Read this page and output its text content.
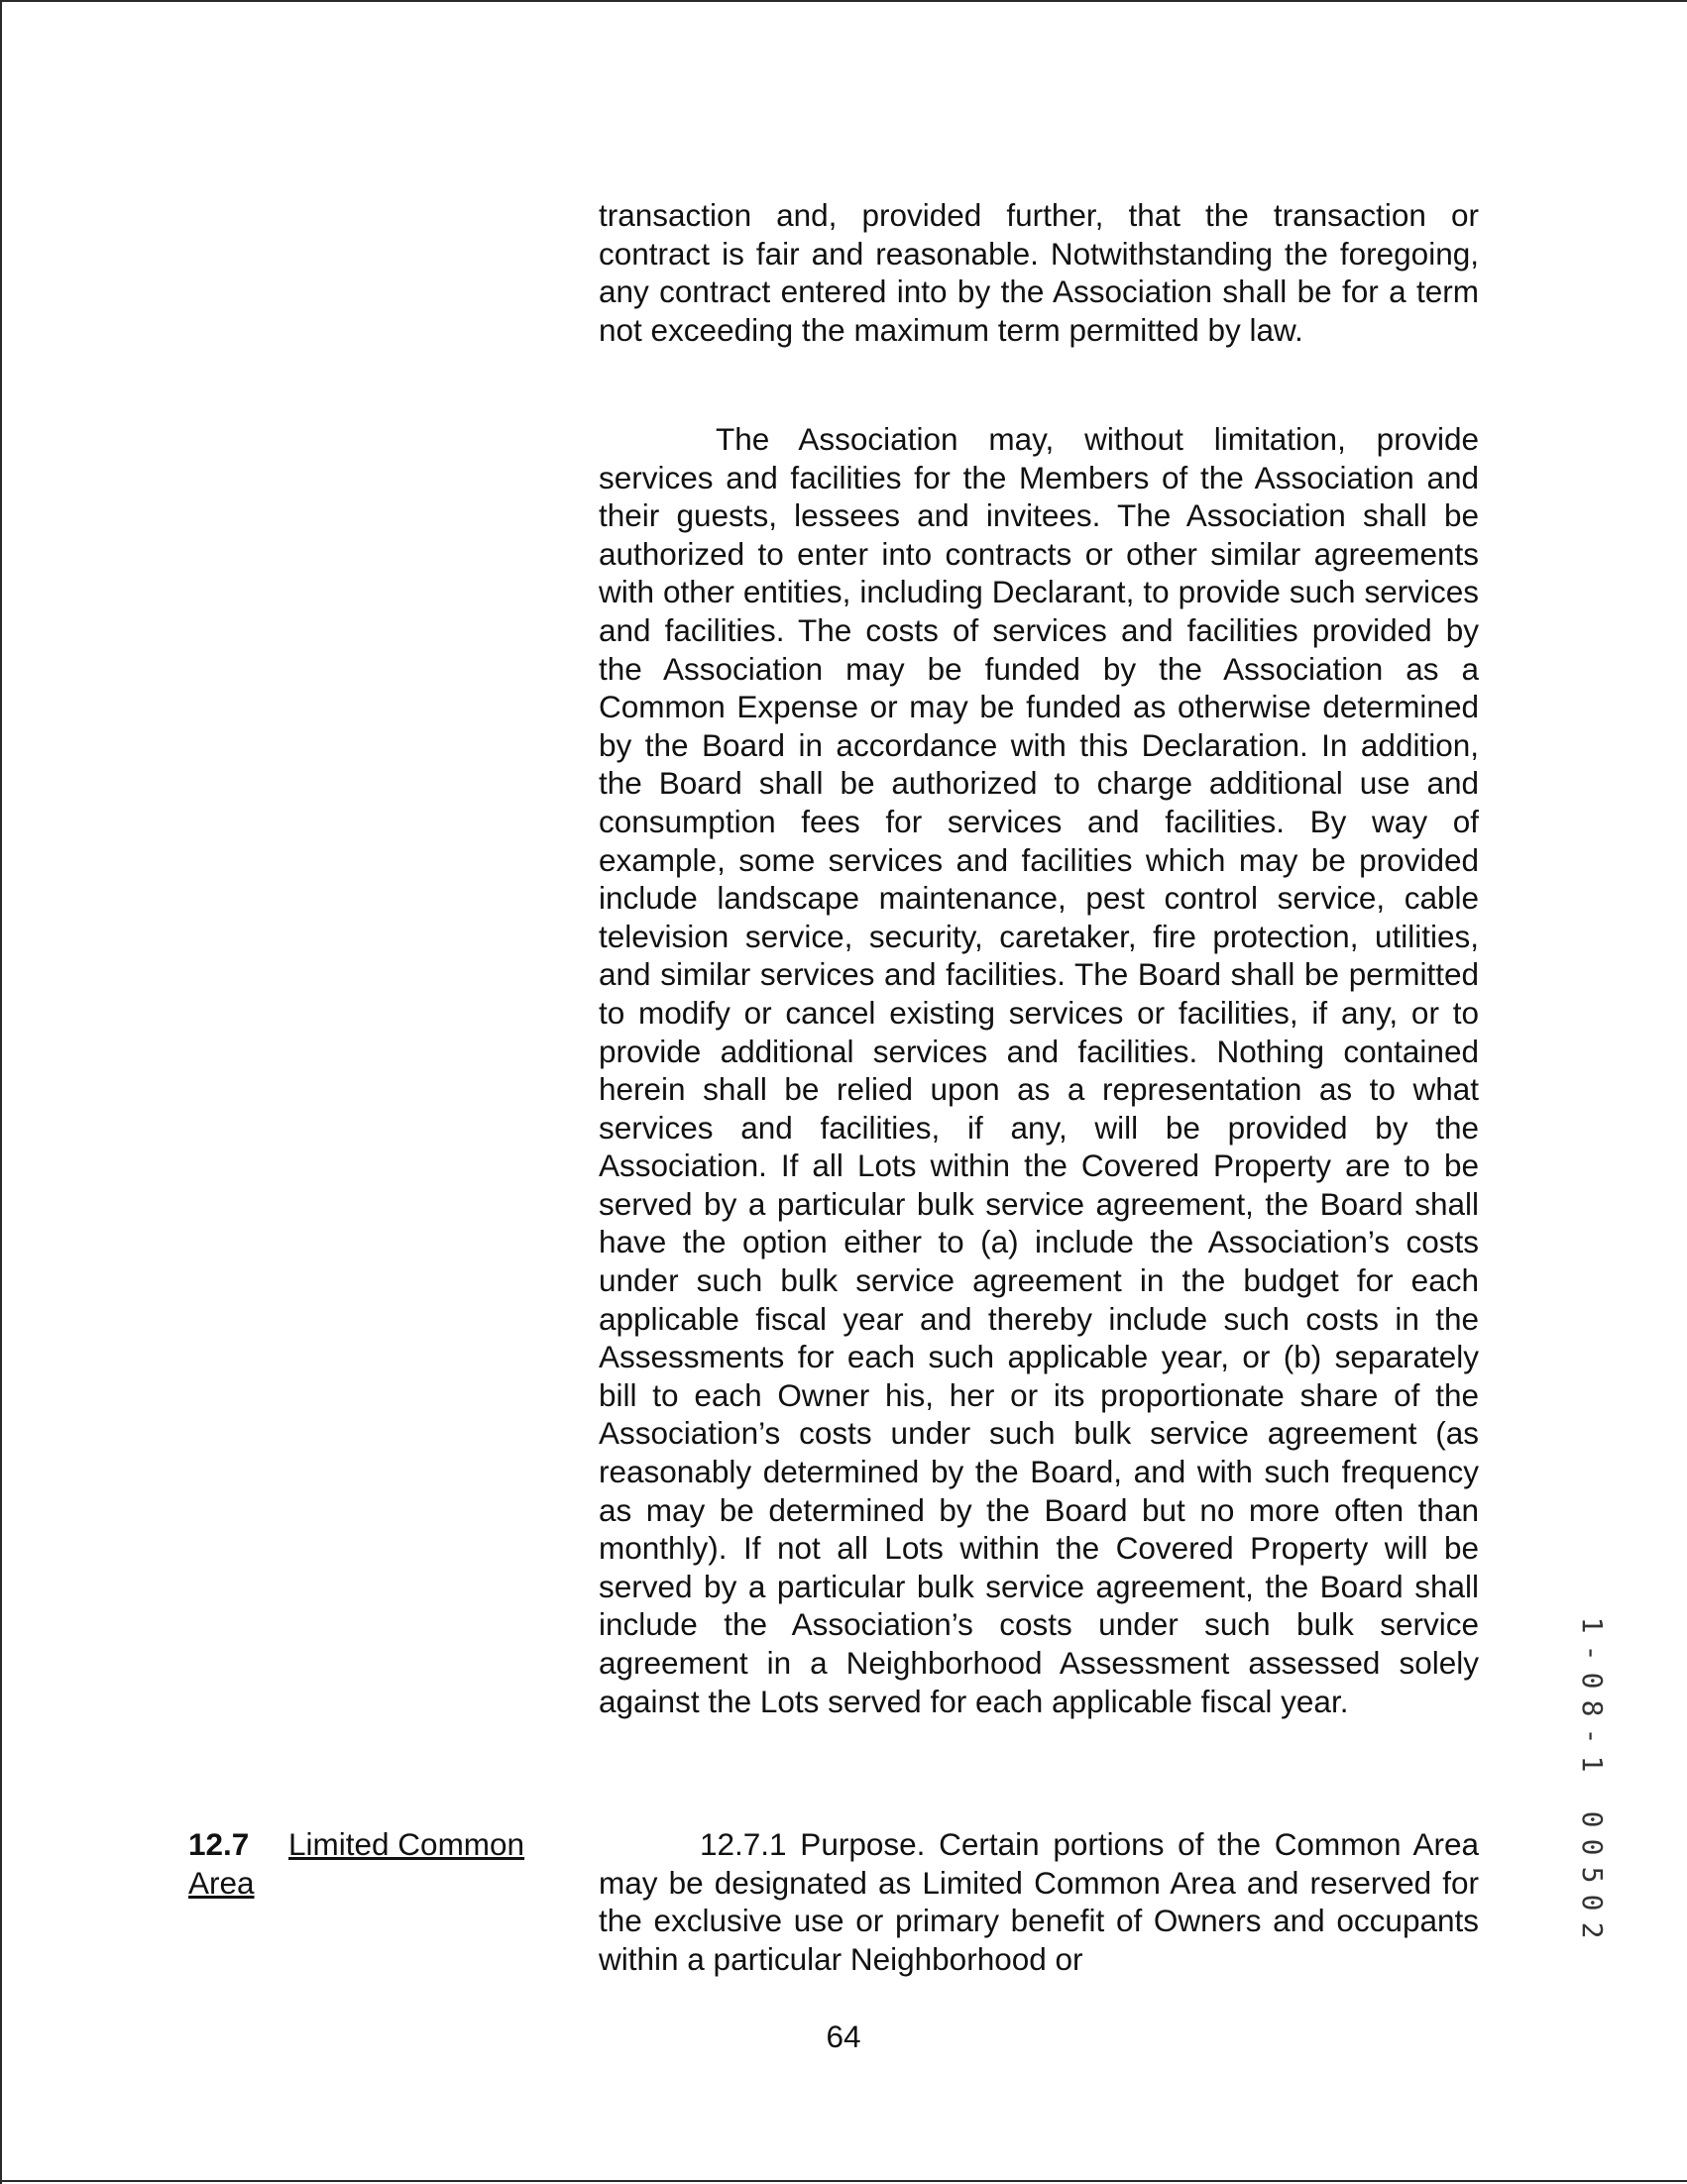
transaction and, provided further, that the transaction or contract is fair and reasonable. Notwithstanding the foregoing, any contract entered into by the Association shall be for a term not exceeding the maximum term permitted by law.

The Association may, without limitation, provide services and facilities for the Members of the Association and their guests, lessees and invitees. The Association shall be authorized to enter into contracts or other similar agreements with other entities, including Declarant, to provide such services and facilities. The costs of services and facilities provided by the Association may be funded by the Association as a Common Expense or may be funded as otherwise determined by the Board in accordance with this Declaration. In addition, the Board shall be authorized to charge additional use and consumption fees for services and facilities. By way of example, some services and facilities which may be provided include landscape maintenance, pest control service, cable television service, security, caretaker, fire protection, utilities, and similar services and facilities. The Board shall be permitted to modify or cancel existing services or facilities, if any, or to provide additional services and facilities. Nothing contained herein shall be relied upon as a representation as to what services and facilities, if any, will be provided by the Association. If all Lots within the Covered Property are to be served by a particular bulk service agreement, the Board shall have the option either to (a) include the Association’s costs under such bulk service agreement in the budget for each applicable fiscal year and thereby include such costs in the Assessments for each such applicable year, or (b) separately bill to each Owner his, her or its proportionate share of the Association’s costs under such bulk service agreement (as reasonably determined by the Board, and with such frequency as may be determined by the Board but no more often than monthly). If not all Lots within the Covered Property will be served by a particular bulk service agreement, the Board shall include the Association’s costs under such bulk service agreement in a Neighborhood Assessment assessed solely against the Lots served for each applicable fiscal year.

12.7 Limited Common
Area

12.7.1 Purpose. Certain portions of the Common Area may be designated as Limited Common Area and reserved for the exclusive use or primary benefit of Owners and occupants within a particular Neighborhood or

64
1
-
0
8
-
1

0
0
5
0
2
